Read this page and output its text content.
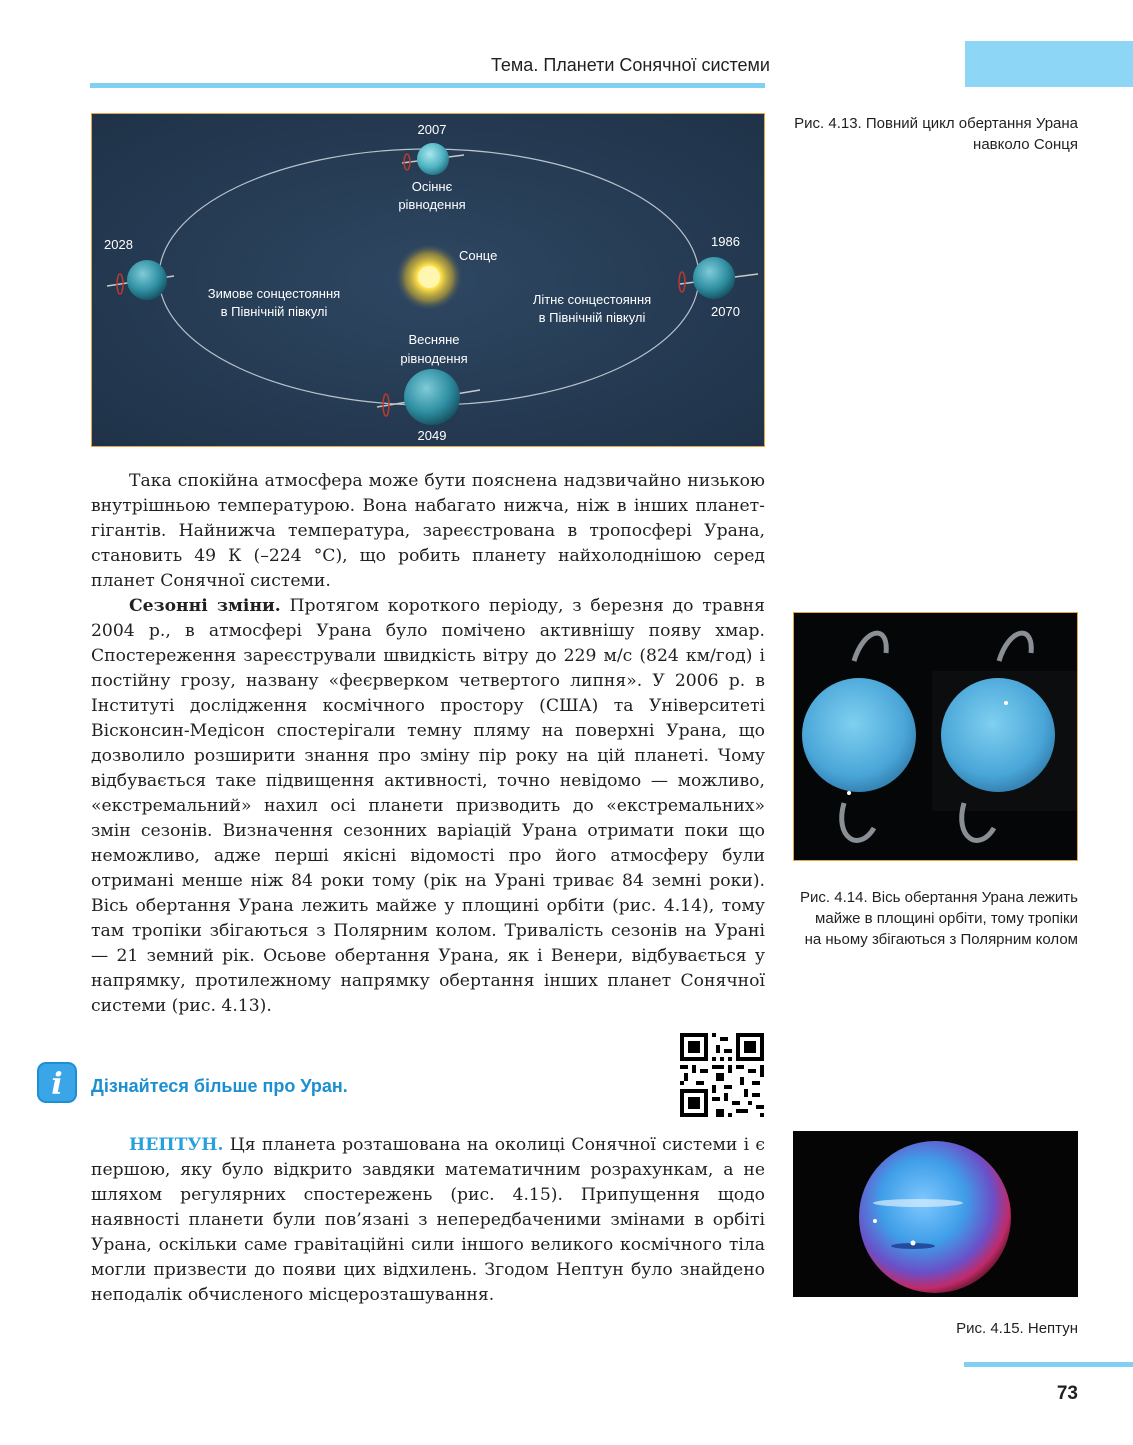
Тема. Планети Сонячної системи
2007
Осіннє
рівнодення
2028
Сонце
1986
2070
Зимове сонцестояння
в Північній півкулі
Літнє сонцестояння
в Північній півкулі
Весняне
рівнодення
2049
Рис. 4.13. Повний цикл обертання Урана навколо Сонця
Рис. 4.14. Вісь обертання Урана лежить майже в площині орбіти, тому тропіки на ньому збігаються з Полярним колом
Рис. 4.15. Нептун

Така спокійна атмосфера може бути пояснена надзвичайно низькою внутрішньою температурою. Вона набагато нижча, ніж в інших планет-гігантів. Найнижча температура, зареєстрована в тропосфері Урана, становить 49 К (–224 °С), що робить планету найхолоднішою серед планет Сонячної системи.

Сезонні зміни. Протягом короткого періоду, з березня до травня 2004 р., в атмосфері Урана було помічено активнішу появу хмар. Спостереження зареєстрували швидкість вітру до 229 м/с (824 км/год) і постійну грозу, названу «феєрверком четвертого липня». У 2006 р. в Інституті дослідження космічного простору (США) та Університеті Вісконсин-Медісон спостерігали темну пляму на поверхні Урана, що дозволило розширити знання про зміну пір року на цій планеті. Чому відбувається таке підвищення активності, точно невідомо — можливо, «екстремальний» нахил осі планети призводить до «екстремальних» змін сезонів. Визначення сезонних варіацій Урана отримати поки що неможливо, адже перші якісні відомості про його атмосферу були отримані менше ніж 84 роки тому (рік на Урані триває 84 земні роки). Вісь обертання Урана лежить майже у площині орбіти (рис. 4.14), тому там тропіки збігаються з Полярним колом. Тривалість сезонів на Урані — 21 земний рік. Осьове обертання Урана, як і Венери, відбувається у напрямку, протилежному напрямку обертання інших планет Сонячної системи (рис. 4.13).

i Дізнайтеся більше про Уран.

НЕПТУН. Ця планета розташована на околиці Сонячної системи і є першою, яку було відкрито завдяки математичним розрахункам, а не шляхом регулярних спостережень (рис. 4.15). Припущення щодо наявності планети були пов’язані з непередбаченими змінами в орбіті Урана, оскільки саме гравітаційні сили іншого великого космічного тіла могли призвести до появи цих відхилень. Згодом Нептун було знайдено неподалік обчисленого місцерозташування.

73
